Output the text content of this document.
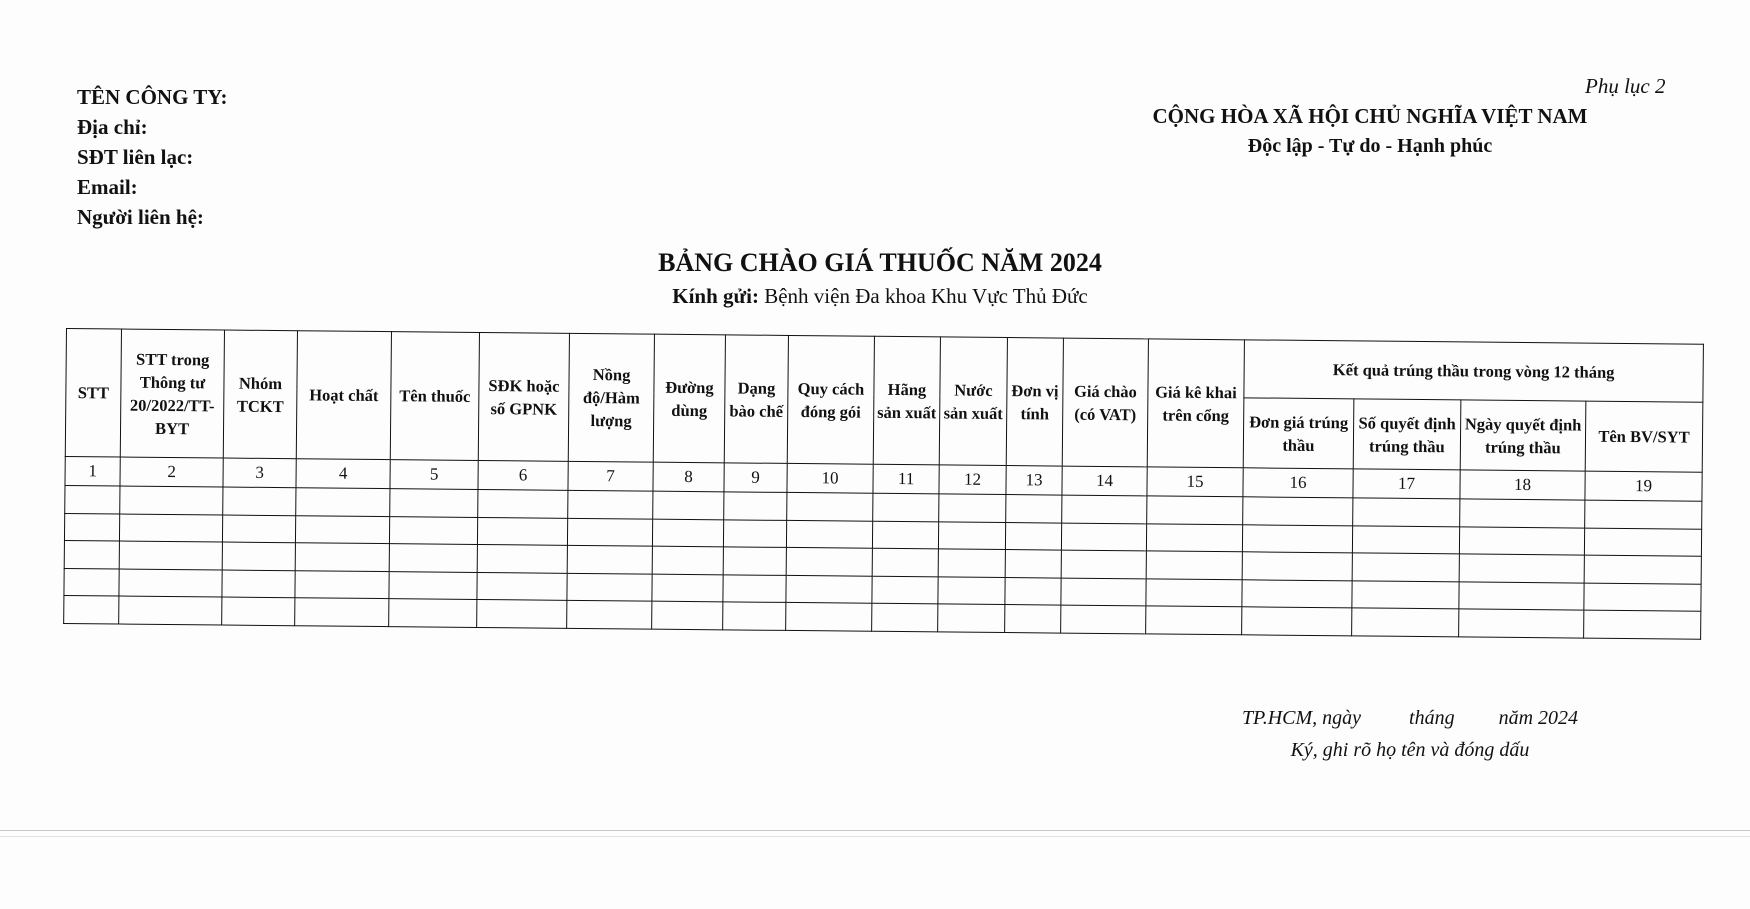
TÊN CÔNG TY:
Địa chỉ:
SĐT liên lạc:
Email:
Người liên hệ:
Phụ lục 2
CỘNG HÒA XÃ HỘI CHỦ NGHĨA VIỆT NAM
Độc lập - Tự do - Hạnh phúc
BẢNG CHÀO GIÁ THUỐC NĂM 2024
Kính gửi: Bệnh viện Đa khoa Khu Vực Thủ Đức
STT	STT trong Thông tư 20/2022/TT-BYT	Nhóm TCKT	Hoạt chất	Tên thuốc	SĐK hoặc số GPNK	Nồng độ/Hàm lượng	Đường dùng	Dạng bào chế	Quy cách đóng gói	Hãng sản xuất	Nước sản xuất	Đơn vị tính	Giá chào (có VAT)	Giá kê khai trên cổng	Kết quả trúng thầu trong vòng 12 tháng			
															Đơn giá trúng thầu	Số quyết định trúng thầu	Ngày quyết định trúng thầu	Tên BV/SYT
1	2	3	4	5	6	7	8	9	10	11	12	13	14	15	16	17	18	19

TP.HCM, ngày tháng năm 2024
Ký, ghi rõ họ tên và đóng dấu
